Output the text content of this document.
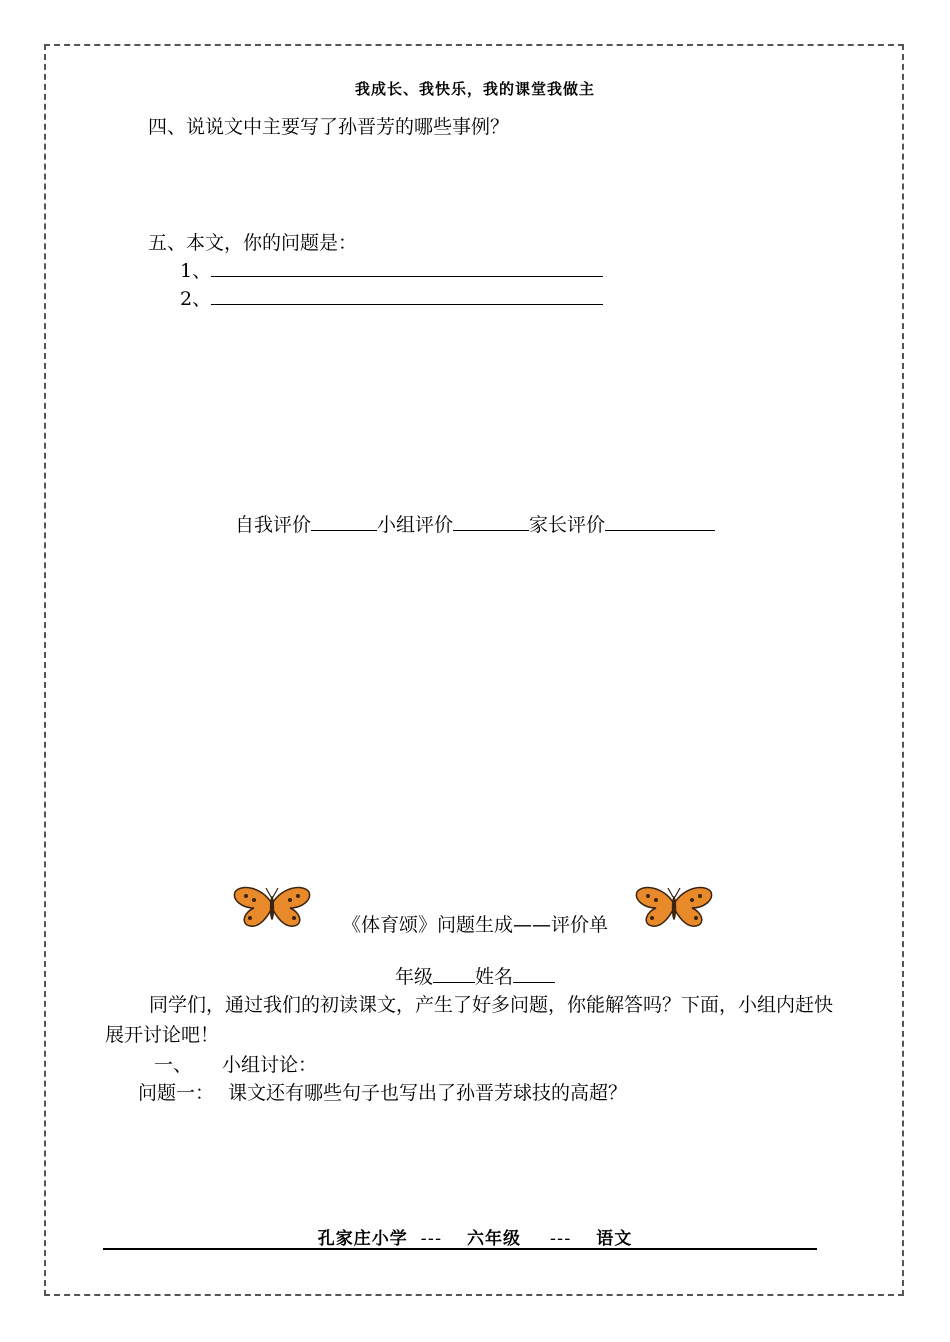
我成长、我快乐，我的课堂我做主
四、说说文中主要写了孙晋芳的哪些事例？
五、本文，你的问题是：
1、
2、
自我评价	小组评价	家长评价
《体育颂》问题生成——评价单
年级 姓名
同学们，通过我们的初读课文，产生了好多问题，你能解答吗？下面，小组内赶快展开讨论吧！
一、 小组讨论：
问题一： 课文还有哪些句子也写出了孙晋芳球技的高超？
孔家庄小学 --- 六年级 --- 语文
